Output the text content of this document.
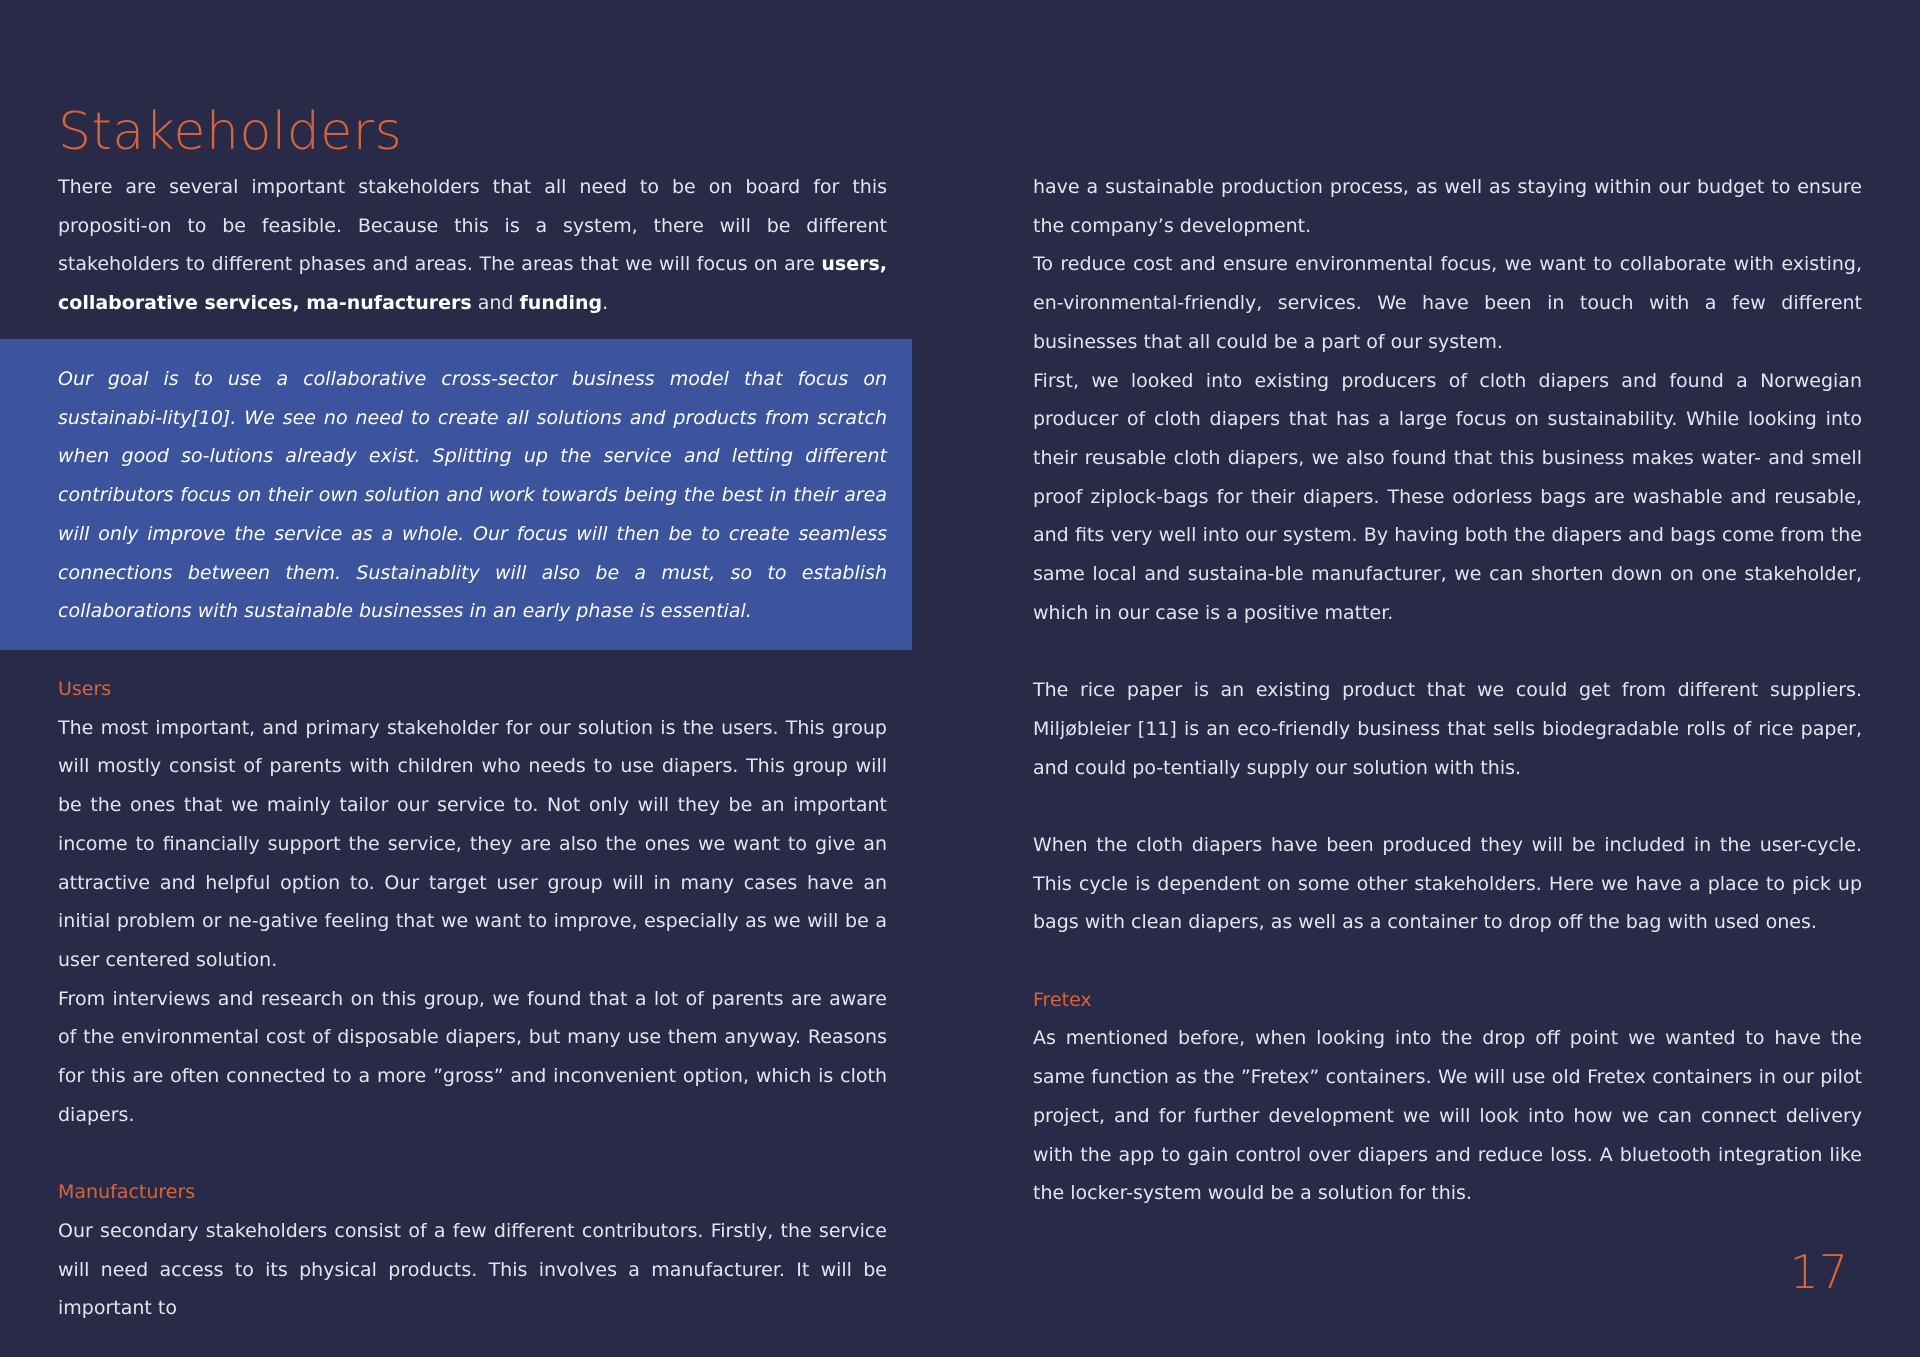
Stakeholders

There are several important stakeholders that all need to be on board for this propositi-on to be feasible. Because this is a system, there will be different stakeholders to different phases and areas. The areas that we will focus on are users, collaborative services, ma-nufacturers and funding.

Our goal is to use a collaborative cross-sector business model that focus on sustainabi-lity[10]. We see no need to create all solutions and products from scratch when good so-lutions already exist. Splitting up the service and letting different contributors focus on their own solution and work towards being the best in their area will only improve the service as a whole. Our focus will then be to create seamless connections between them. Sustainablity will also be a must, so to establish collaborations with sustainable businesses in an early phase is essential.

Users

The most important, and primary stakeholder for our solution is the users. This group will mostly consist of parents with children who needs to use diapers. This group will be the ones that we mainly tailor our service to. Not only will they be an important income to financially support the service, they are also the ones we want to give an attractive and helpful option to. Our target user group will in many cases have an initial problem or ne-gative feeling that we want to improve, especially as we will be a user centered solution.

From interviews and research on this group, we found that a lot of parents are aware of the environmental cost of disposable diapers, but many use them anyway. Reasons for this are often connected to a more ”gross” and inconvenient option, which is cloth diapers.

Manufacturers

Our secondary stakeholders consist of a few different contributors. Firstly, the service will need access to its physical products. This involves a manufacturer. It will be important to

have a sustainable production process, as well as staying within our budget to ensure the company’s development.

To reduce cost and ensure environmental focus, we want to collaborate with existing, en-vironmental-friendly, services. We have been in touch with a few different businesses that all could be a part of our system.

First, we looked into existing producers of cloth diapers and found a Norwegian producer of cloth diapers that has a large focus on sustainability. While looking into their reusable cloth diapers, we also found that this business makes water- and smell proof ziplock-bags for their diapers. These odorless bags are washable and reusable, and fits very well into our system. By having both the diapers and bags come from the same local and sustaina-ble manufacturer, we can shorten down on one stakeholder, which in our case is a positive matter.

The rice paper is an existing product that we could get from different suppliers. Miljøbleier [11] is an eco-friendly business that sells biodegradable rolls of rice paper, and could po-tentially supply our solution with this.

When the cloth diapers have been produced they will be included in the user-cycle. This cycle is dependent on some other stakeholders. Here we have a place to pick up bags with clean diapers, as well as a container to drop off the bag with used ones.

Fretex

As mentioned before, when looking into the drop off point we wanted to have the same function as the ”Fretex” containers. We will use old Fretex containers in our pilot project, and for further development we will look into how we can connect delivery with the app to gain control over diapers and reduce loss. A bluetooth integration like the locker-system would be a solution for this.

17
